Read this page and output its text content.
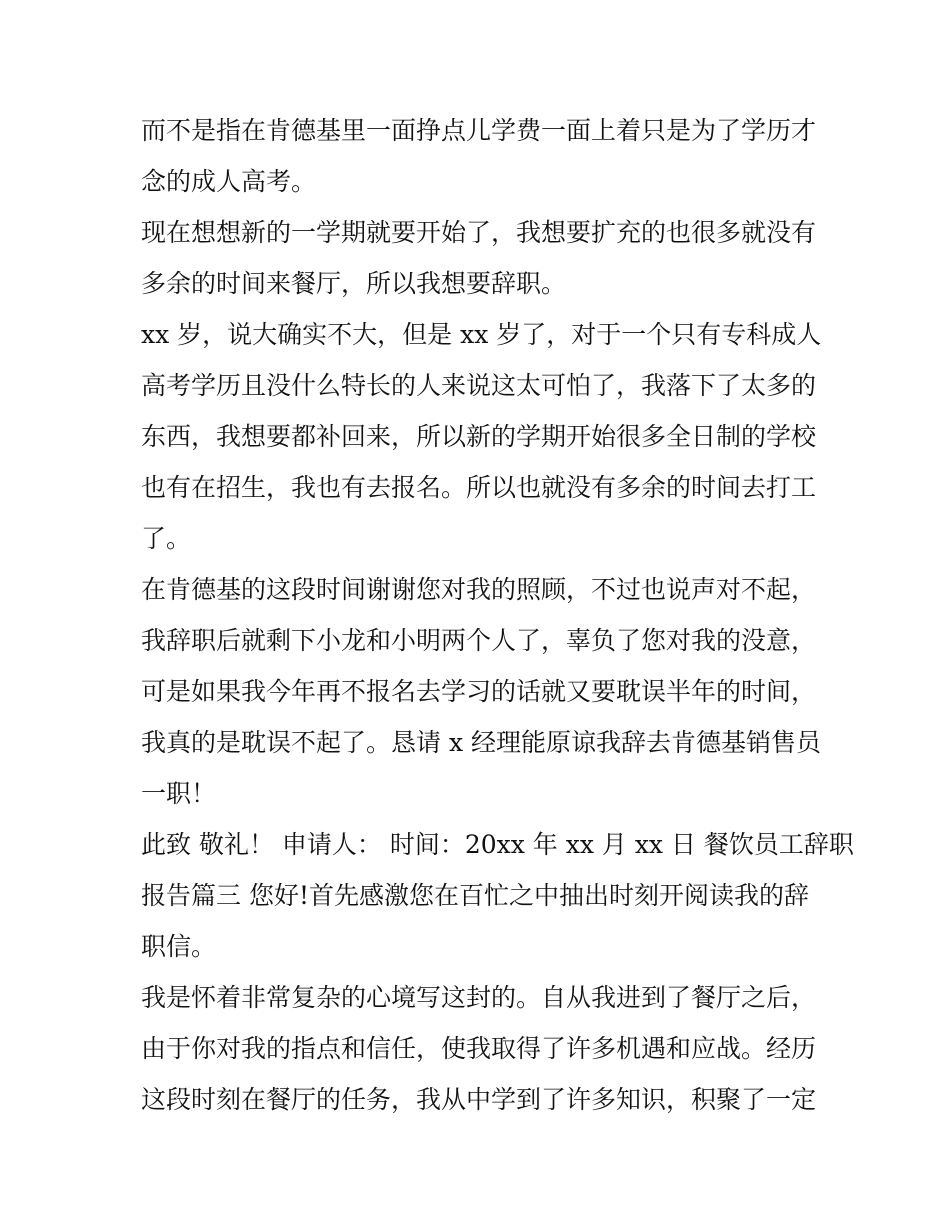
而不是指在肯德基里一面挣点儿学费一面上着只是为了学历才
念的成人高考。

现在想想新的一学期就要开始了，我想要扩充的也很多就没有
多余的时间来餐厅，所以我想要辞职。

xx 岁，说大确实不大，但是 xx 岁了，对于一个只有专科成人
高考学历且没什么特长的人来说这太可怕了，我落下了太多的
东西，我想要都补回来，所以新的学期开始很多全日制的学校
也有在招生，我也有去报名。所以也就没有多余的时间去打工
了。

在肯德基的这段时间谢谢您对我的照顾，不过也说声对不起，
我辞职后就剩下小龙和小明两个人了，辜负了您对我的没意，
可是如果我今年再不报名去学习的话就又要耽误半年的时间，
我真的是耽误不起了。恳请 x 经理能原谅我辞去肯德基销售员
一职！

此致 敬礼！ 申请人： 时间：20xx 年 xx 月 xx 日 餐饮员工辞职
报告篇三 您好!首先感激您在百忙之中抽出时刻开阅读我的辞
职信。

我是怀着非常复杂的心境写这封的。自从我进到了餐厅之后，
由于你对我的指点和信任，使我取得了许多机遇和应战。经历
这段时刻在餐厅的任务，我从中学到了许多知识，积聚了一定
